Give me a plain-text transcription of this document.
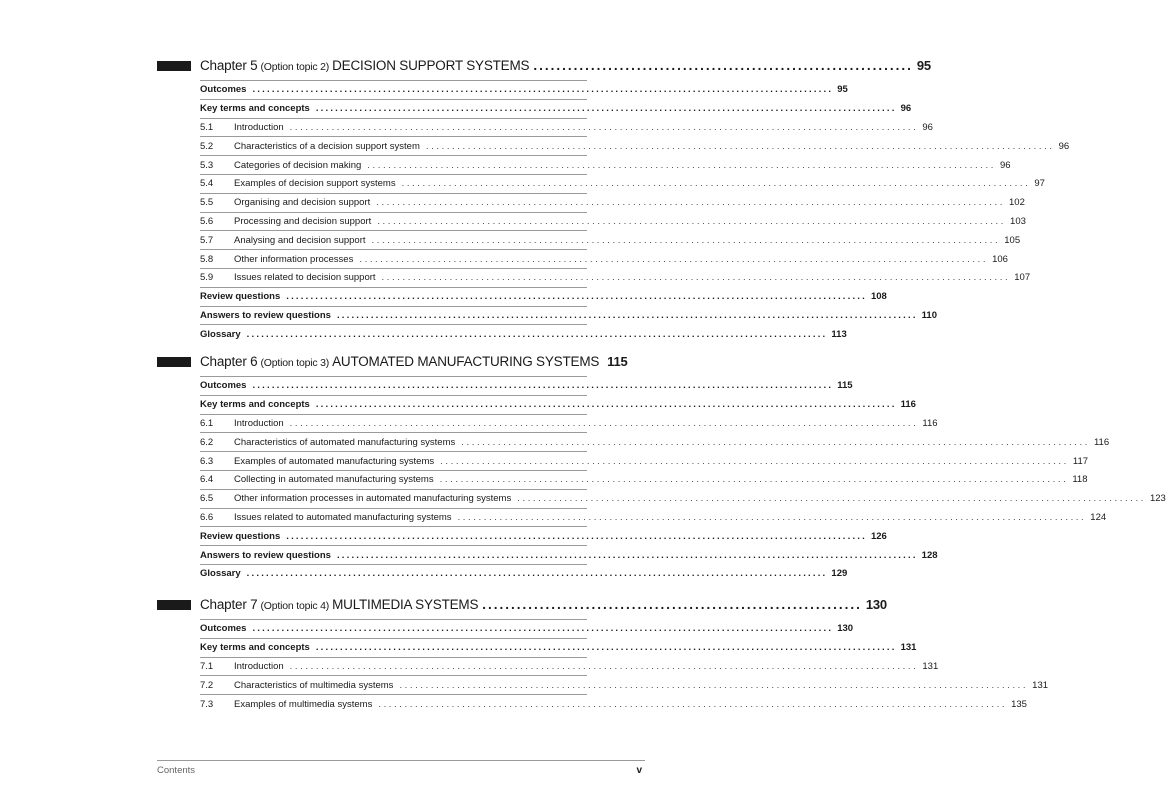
Chapter 5 (Option topic 2) DECISION SUPPORT SYSTEMS .................................................................. 95
Outcomes ........................................................................................................................ 95
Key terms and concepts ........................................................................................................................ 96
5.1	Introduction ........................................................................................................................ 96
5.2	Characteristics of a decision support system ........................................................................................................................ 96
5.3	Categories of decision making ........................................................................................................................ 96
5.4	Examples of decision support systems ........................................................................................................................ 97
5.5	Organising and decision support ........................................................................................................................ 102
5.6	Processing and decision support ........................................................................................................................ 103
5.7	Analysing and decision support ........................................................................................................................ 105
5.8	Other information processes ........................................................................................................................ 106
5.9	Issues related to decision support ........................................................................................................................ 107
Review questions ........................................................................................................................ 108
Answers to review questions ........................................................................................................................ 110
Glossary ........................................................................................................................ 113
Chapter 6 (Option topic 3) AUTOMATED MANUFACTURING SYSTEMS 115
Outcomes ........................................................................................................................ 115
Key terms and concepts ........................................................................................................................ 116
6.1	Introduction ........................................................................................................................ 116
6.2	Characteristics of automated manufacturing systems ........................................................................................................................ 116
6.3	Examples of automated manufacturing systems ........................................................................................................................ 117
6.4	Collecting in automated manufacturing systems ........................................................................................................................ 118
6.5	Other information processes in automated manufacturing systems ........................................................................................................................ 123
6.6	Issues related to automated manufacturing systems ........................................................................................................................ 124
Review questions ........................................................................................................................ 126
Answers to review questions ........................................................................................................................ 128
Glossary ........................................................................................................................ 129
Chapter 7 (Option topic 4) MULTIMEDIA SYSTEMS .................................................................. 130
Outcomes ........................................................................................................................ 130
Key terms and concepts ........................................................................................................................ 131
7.1	Introduction ........................................................................................................................ 131
7.2	Characteristics of multimedia systems ........................................................................................................................ 131
7.3	Examples of multimedia systems ........................................................................................................................ 135
Contents	v
